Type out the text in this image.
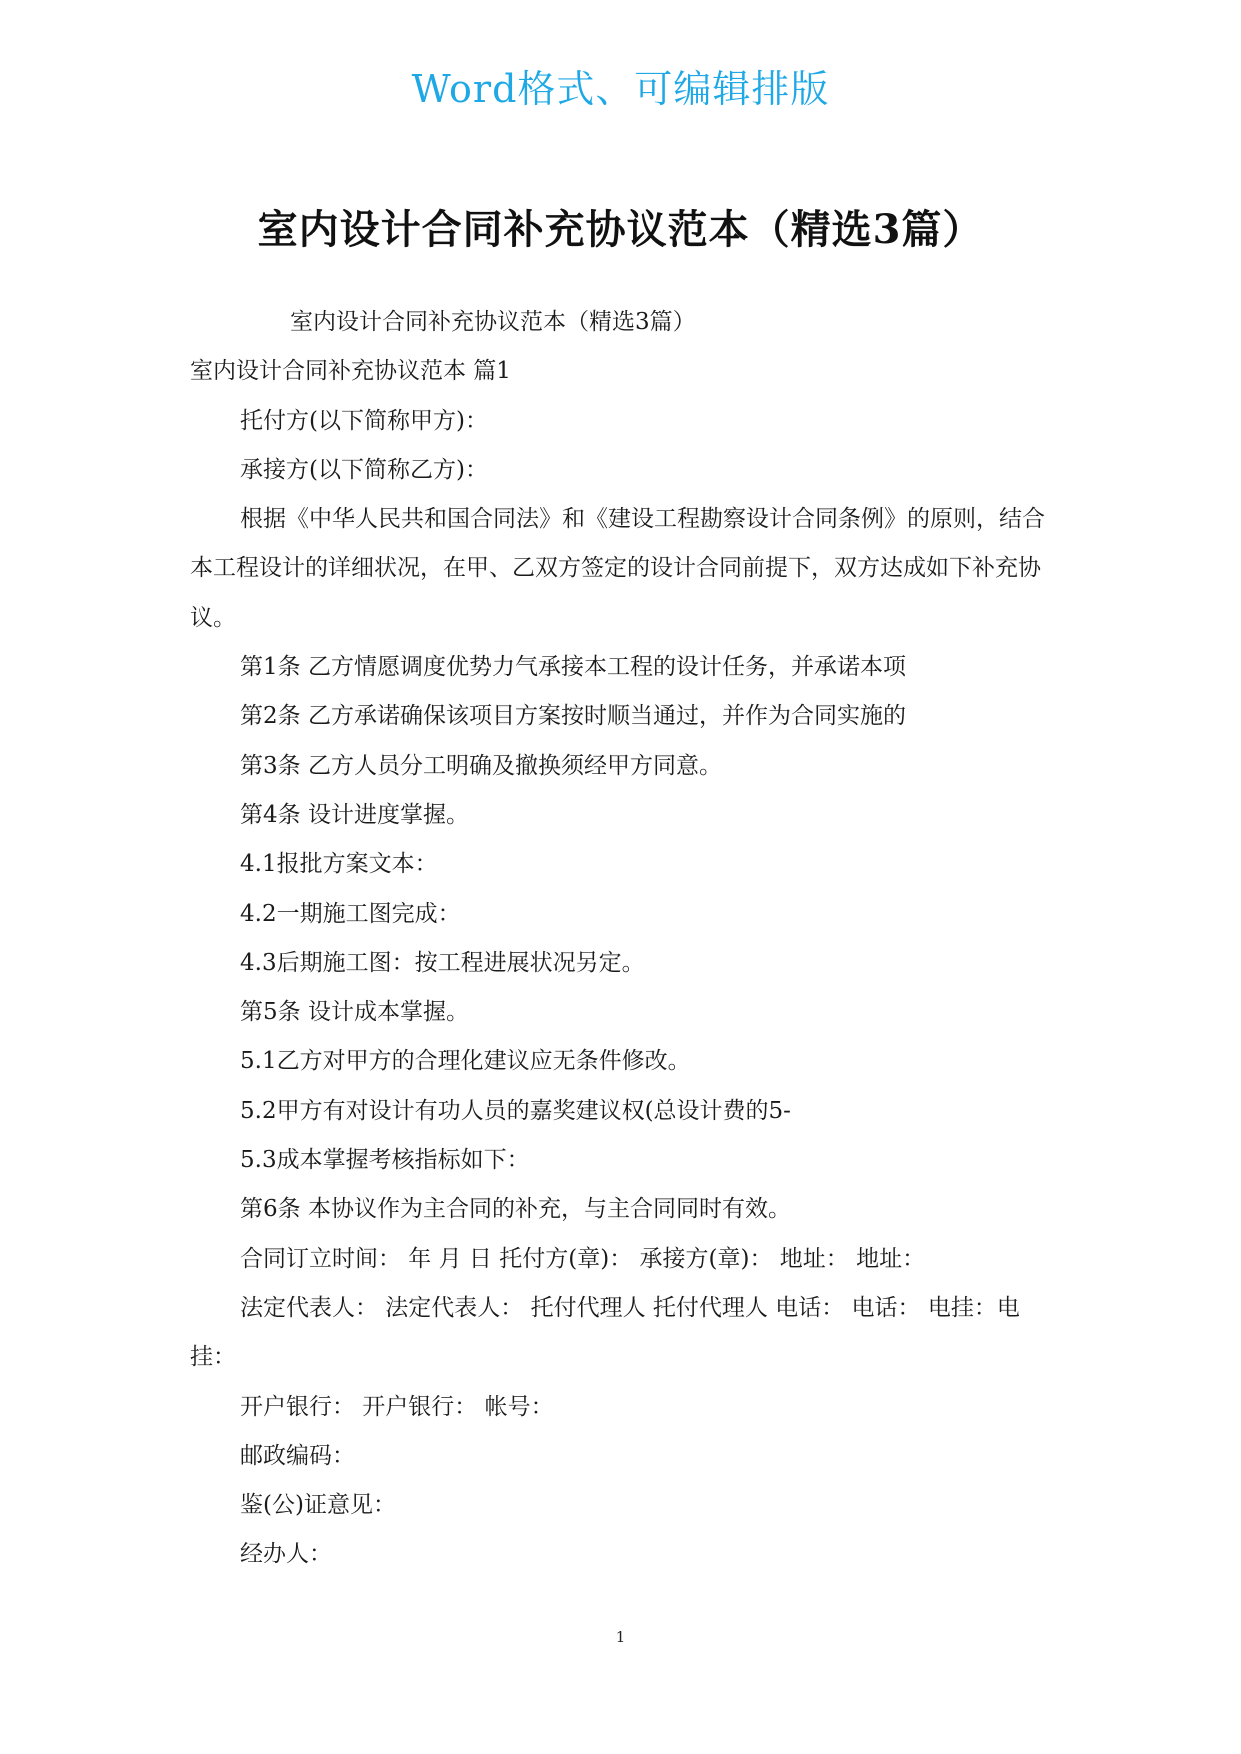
Word格式、可编辑排版
室内设计合同补充协议范本（精选3篇）

室内设计合同补充协议范本（精选3篇）

室内设计合同补充协议范本 篇1

托付方(以下简称甲方)：

承接方(以下简称乙方)：

根据《中华人民共和国合同法》和《建设工程勘察设计合同条例》的原则，结合本工程设计的详细状况，在甲、乙双方签定的设计合同前提下，双方达成如下补充协议。

第1条 乙方情愿调度优势力气承接本工程的设计任务，并承诺本项

第2条 乙方承诺确保该项目方案按时顺当通过，并作为合同实施的

第3条 乙方人员分工明确及撤换须经甲方同意。

第4条 设计进度掌握。

4.1报批方案文本：

4.2一期施工图完成：

4.3后期施工图：按工程进展状况另定。

第5条 设计成本掌握。

5.1乙方对甲方的合理化建议应无条件修改。

5.2甲方有对设计有功人员的嘉奖建议权(总设计费的5-

5.3成本掌握考核指标如下：

第6条 本协议作为主合同的补充，与主合同同时有效。

合同订立时间： 年 月 日 托付方(章)： 承接方(章)： 地址： 地址：

法定代表人： 法定代表人： 托付代理人 托付代理人 电话： 电话： 电挂：电挂：

开户银行： 开户银行： 帐号：

邮政编码：

鉴(公)证意见：

经办人：

1
